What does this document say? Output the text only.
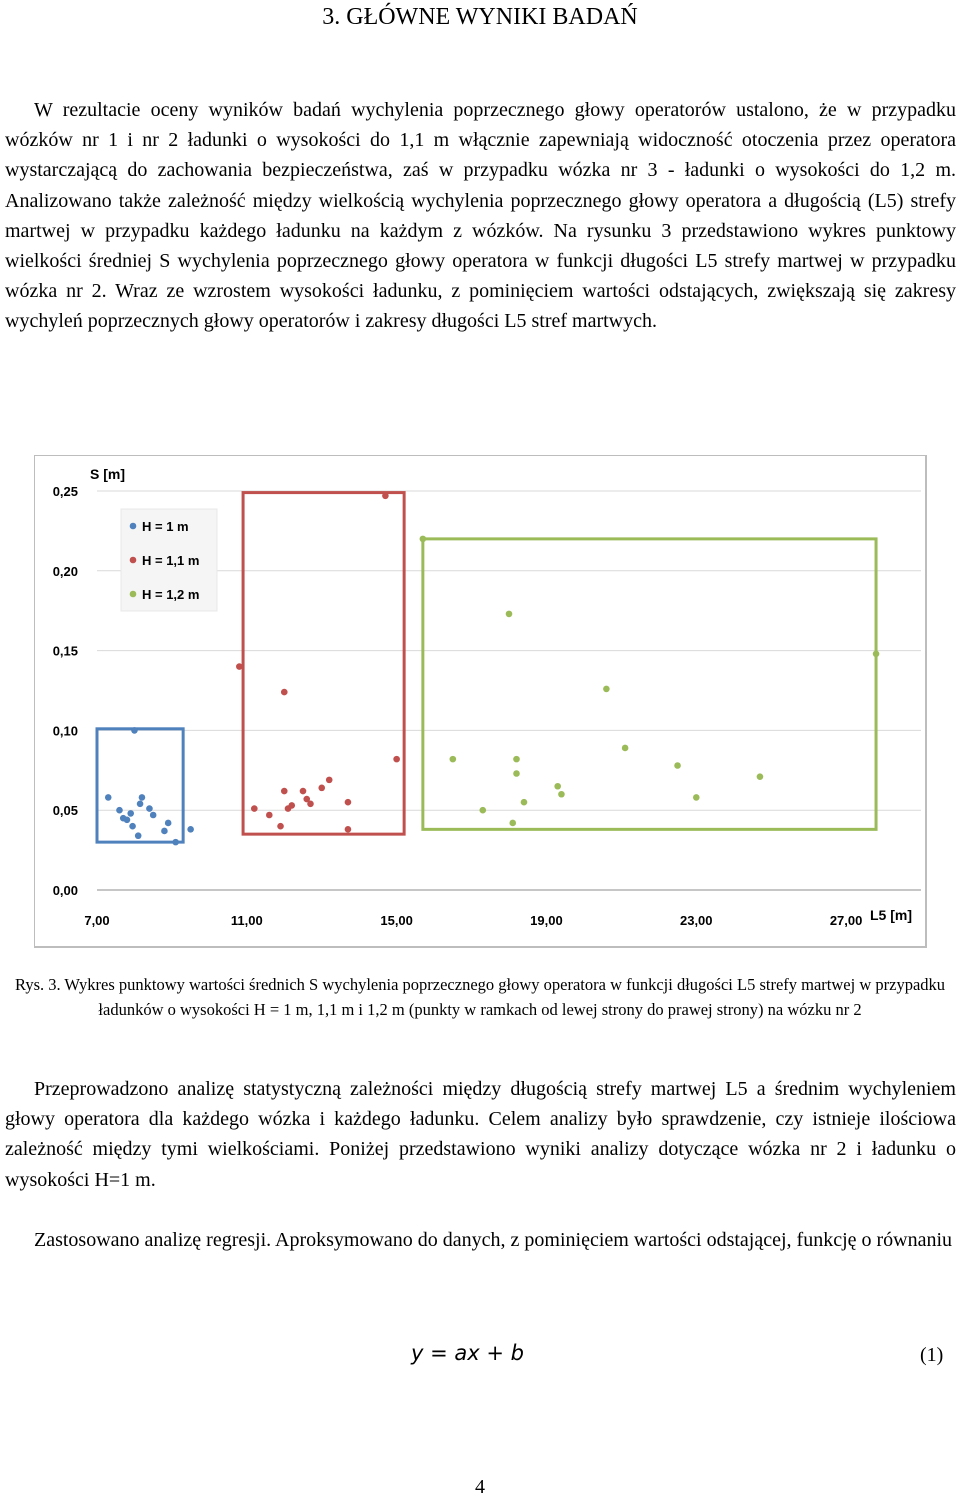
3. GŁÓWNE WYNIKI BADAŃ

W rezultacie oceny wyników badań wychylenia poprzecznego głowy operatorów ustalono, że w przypadku wózków nr 1 i nr 2 ładunki o wysokości do 1,1 m włącznie zapewniają widoczność otoczenia przez operatora wystarczającą do zachowania bezpieczeństwa, zaś w przypadku wózka nr 3 - ładunki o wysokości do 1,2 m. Analizowano także zależność między wielkością wychylenia poprzecznego głowy operatora a długością (L5) strefy martwej w przypadku każdego ładunku na każdym z wózków. Na rysunku 3 przedstawiono wykres punktowy wielkości średniej S wychylenia poprzecznego głowy operatora w funkcji długości L5 strefy martwej w przypadku wózka nr 2. Wraz ze wzrostem wysokości ładunku, z pominięciem wartości odstających, zwiększają się zakresy wychyleń poprzecznych głowy operatorów i zakresy długości L5 stref martwych.

0,00
0,05
0,10
0,15
0,20
0,25
7,00	11,00	15,00	19,00	23,00	27,00
S [m]
L5 [m]
H = 1 m
H = 1,1 m
H = 1,2 m

Rys. 3. Wykres punktowy wartości średnich S wychylenia poprzecznego głowy operatora w funkcji długości L5 strefy martwej w przypadku ładunków o wysokości H = 1 m, 1,1 m i 1,2 m (punkty w ramkach od lewej strony do prawej strony) na wózku nr 2

Przeprowadzono analizę statystyczną zależności między długością strefy martwej L5 a średnim wychyleniem głowy operatora dla każdego wózka i każdego ładunku. Celem analizy było sprawdzenie, czy istnieje ilościowa zależność między tymi wielkościami. Poniżej przedstawiono wyniki analizy dotyczące wózka nr 2 i ładunku o wysokości H=1 m.

Zastosowano analizę regresji. Aproksymowano do danych, z pominięciem wartości odstającej, funkcję o równaniu

y = ax + b	(1)
4
